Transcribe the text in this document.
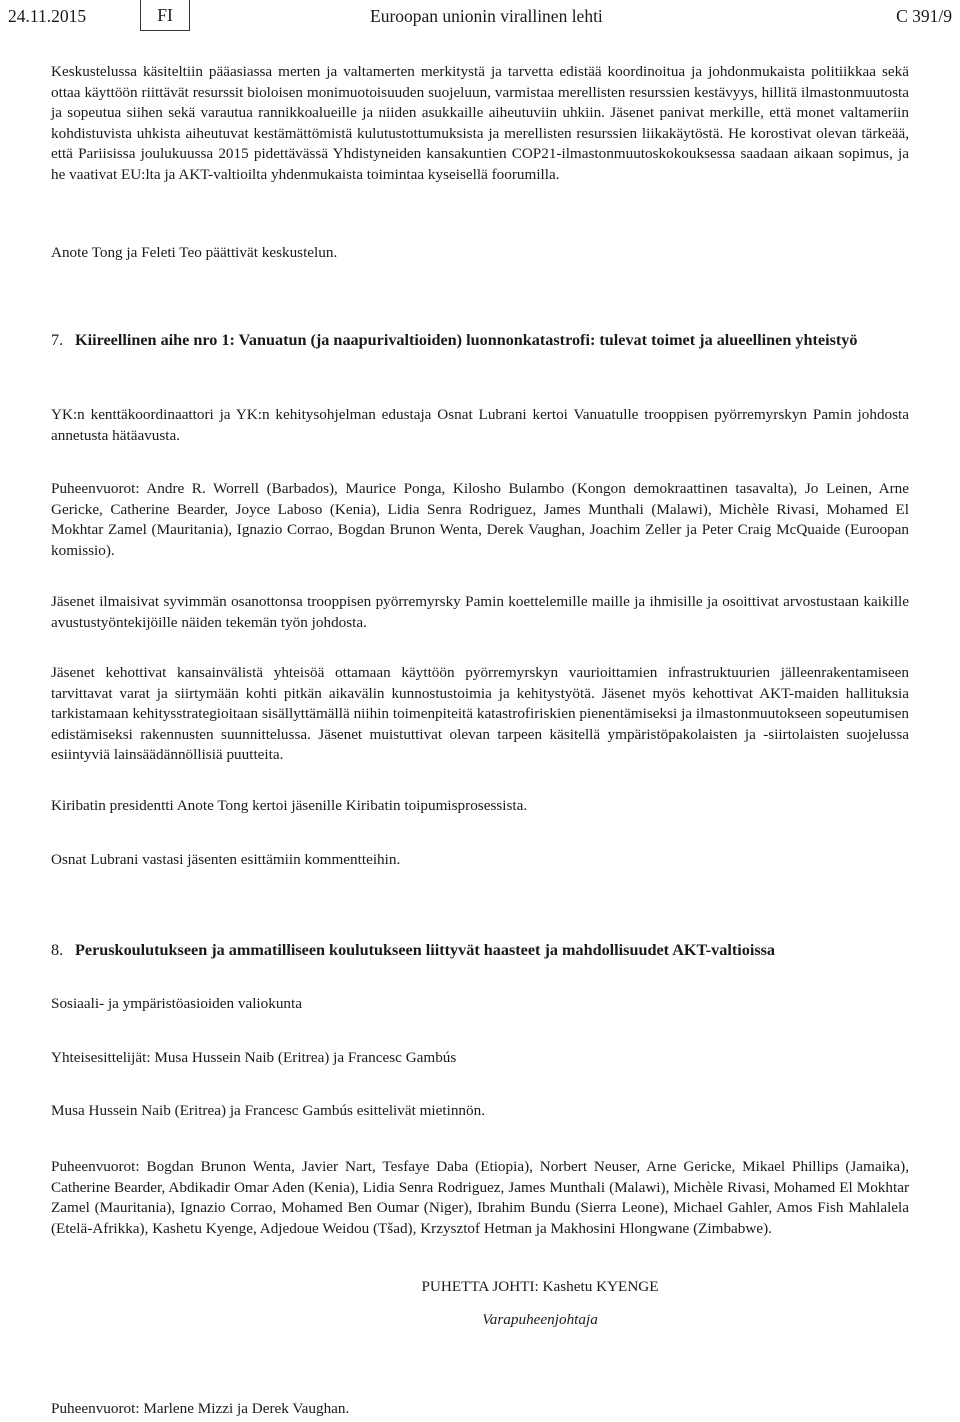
24.11.2015	FI	Euroopan unionin virallinen lehti	C 391/9

Keskustelussa käsiteltiin pääasiassa merten ja valtamerten merkitystä ja tarvetta edistää koordinoitua ja johdonmukaista politiikkaa sekä ottaa käyttöön riittävät resurssit bioloisen monimuotoisuuden suojeluun, varmistaa merellisten resurssien kestävyys, hillitä ilmastonmuutosta ja sopeutua siihen sekä varautua rannikkoalueille ja niiden asukkaille aiheutuviin uhkiin. Jäsenet panivat merkille, että monet valtameriin kohdistuvista uhkista aiheutuvat kestämättömistä kulutustottumuksista ja merellisten resurssien liikakäytöstä. He korostivat olevan tärkeää, että Pariisissa joulukuussa 2015 pidettävässä Yhdistyneiden kansakuntien COP21-ilmastonmuutoskokouksessa saadaan aikaan sopimus, ja he vaativat EU:lta ja AKT-valtioilta yhdenmukaista toimintaa kyseisellä foorumilla.

Anote Tong ja Feleti Teo päättivät keskustelun.

7. Kiireellinen aihe nro 1: Vanuatun (ja naapurivaltioiden) luonnonkatastrofi: tulevat toimet ja alueellinen yhteistyö

YK:n kenttäkoordinaattori ja YK:n kehitysohjelman edustaja Osnat Lubrani kertoi Vanuatulle trooppisen pyörremyrskyn Pamin johdosta annetusta hätäavusta.

Puheenvuorot: Andre R. Worrell (Barbados), Maurice Ponga, Kilosho Bulambo (Kongon demokraattinen tasavalta), Jo Leinen, Arne Gericke, Catherine Bearder, Joyce Laboso (Kenia), Lidia Senra Rodriguez, James Munthali (Malawi), Michèle Rivasi, Mohamed El Mokhtar Zamel (Mauritania), Ignazio Corrao, Bogdan Brunon Wenta, Derek Vaughan, Joachim Zeller ja Peter Craig McQuaide (Euroopan komissio).

Jäsenet ilmaisivat syvimmän osanottonsa trooppisen pyörremyrsky Pamin koettelemille maille ja ihmisille ja osoittivat arvostustaan kaikille avustustyöntekijöille näiden tekemän työn johdosta.

Jäsenet kehottivat kansainvälistä yhteisöä ottamaan käyttöön pyörremyrskyn vaurioittamien infrastruktuurien jälleenrakentamiseen tarvittavat varat ja siirtymään kohti pitkän aikavälin kunnostustoimia ja kehitystyötä. Jäsenet myös kehottivat AKT-maiden hallituksia tarkistamaan kehitysstrategioitaan sisällyttämällä niihin toimenpiteitä katastrofiriskien pienentämiseksi ja ilmastonmuutokseen sopeutumisen edistämiseksi rakennusten suunnittelussa. Jäsenet muistuttivat olevan tarpeen käsitellä ympäristöpakolaisten ja -siirtolaisten suojelussa esiintyviä lainsäädännöllisiä puutteita.

Kiribatin presidentti Anote Tong kertoi jäsenille Kiribatin toipumisprosessista.

Osnat Lubrani vastasi jäsenten esittämiin kommentteihin.

8. Peruskoulutukseen ja ammatilliseen koulutukseen liittyvät haasteet ja mahdollisuudet AKT-valtioissa

Sosiaali- ja ympäristöasioiden valiokunta

Yhteisesittelijät: Musa Hussein Naib (Eritrea) ja Francesc Gambús

Musa Hussein Naib (Eritrea) ja Francesc Gambús esittelivät mietinnön.

Puheenvuorot: Bogdan Brunon Wenta, Javier Nart, Tesfaye Daba (Etiopia), Norbert Neuser, Arne Gericke, Mikael Phillips (Jamaika), Catherine Bearder, Abdikadir Omar Aden (Kenia), Lidia Senra Rodriguez, James Munthali (Malawi), Michèle Rivasi, Mohamed El Mokhtar Zamel (Mauritania), Ignazio Corrao, Mohamed Ben Oumar (Niger), Ibrahim Bundu (Sierra Leone), Michael Gahler, Amos Fish Mahlalela (Etelä-Afrikka), Kashetu Kyenge, Adjedoue Weidou (Tšad), Krzysztof Hetman ja Makhosini Hlongwane (Zimbabwe).

PUHETTA JOHTI: Kashetu KYENGE

Varapuheenjohtaja

Puheenvuorot: Marlene Mizzi ja Derek Vaughan.
